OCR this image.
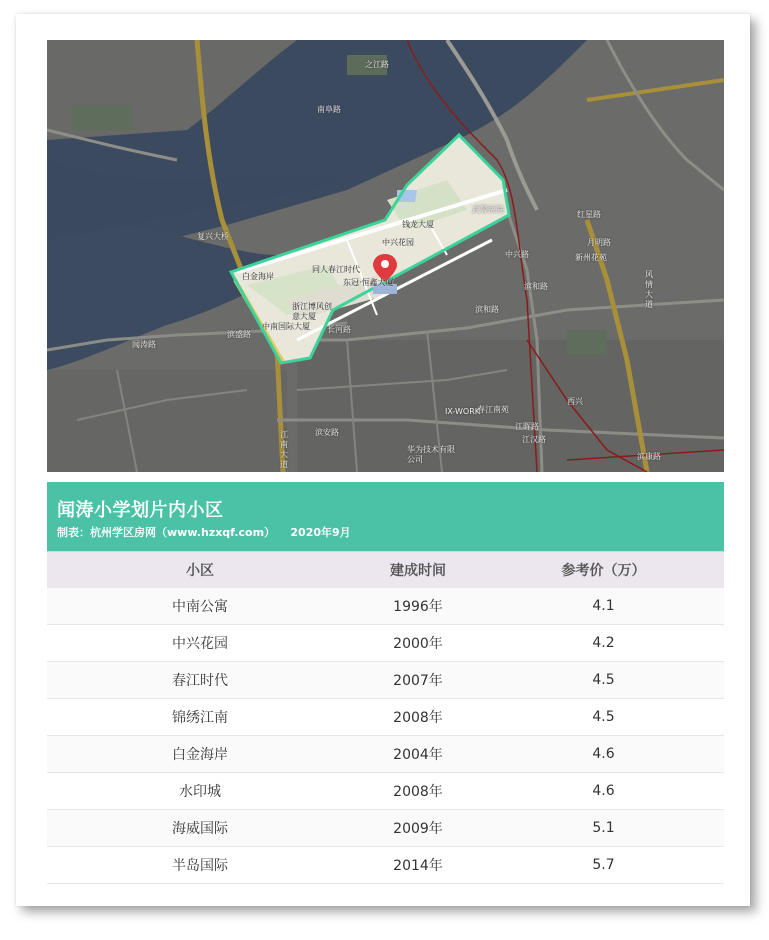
闻涛路
滨盛路
江南大道
滨安路
江晖路
滨和路
风情大道
滨康路
复兴大桥
之江路
南阜路
武警医院
中兴花园
钱龙大厦
同人春江时代
白金海岸
浙江博风创意大厦
东冠·恒鑫大厦
中南国际大厦 长河路
新州花苑
红星路
华为技术有限公司
西兴
江汉路
春江南苑
IX-WORK
滨和路
月明路
中兴路
闻涛小学划片内小区
制表：杭州学区房网（www.hzxqf.com）    2020年9月
小区	建成时间	参考价（万）
中南公寓	1996年	4.1
中兴花园	2000年	4.2
春江时代	2007年	4.5
锦绣江南	2008年	4.5
白金海岸	2004年	4.6
水印城	2008年	4.6
海威国际	2009年	5.1
半岛国际	2014年	5.7
